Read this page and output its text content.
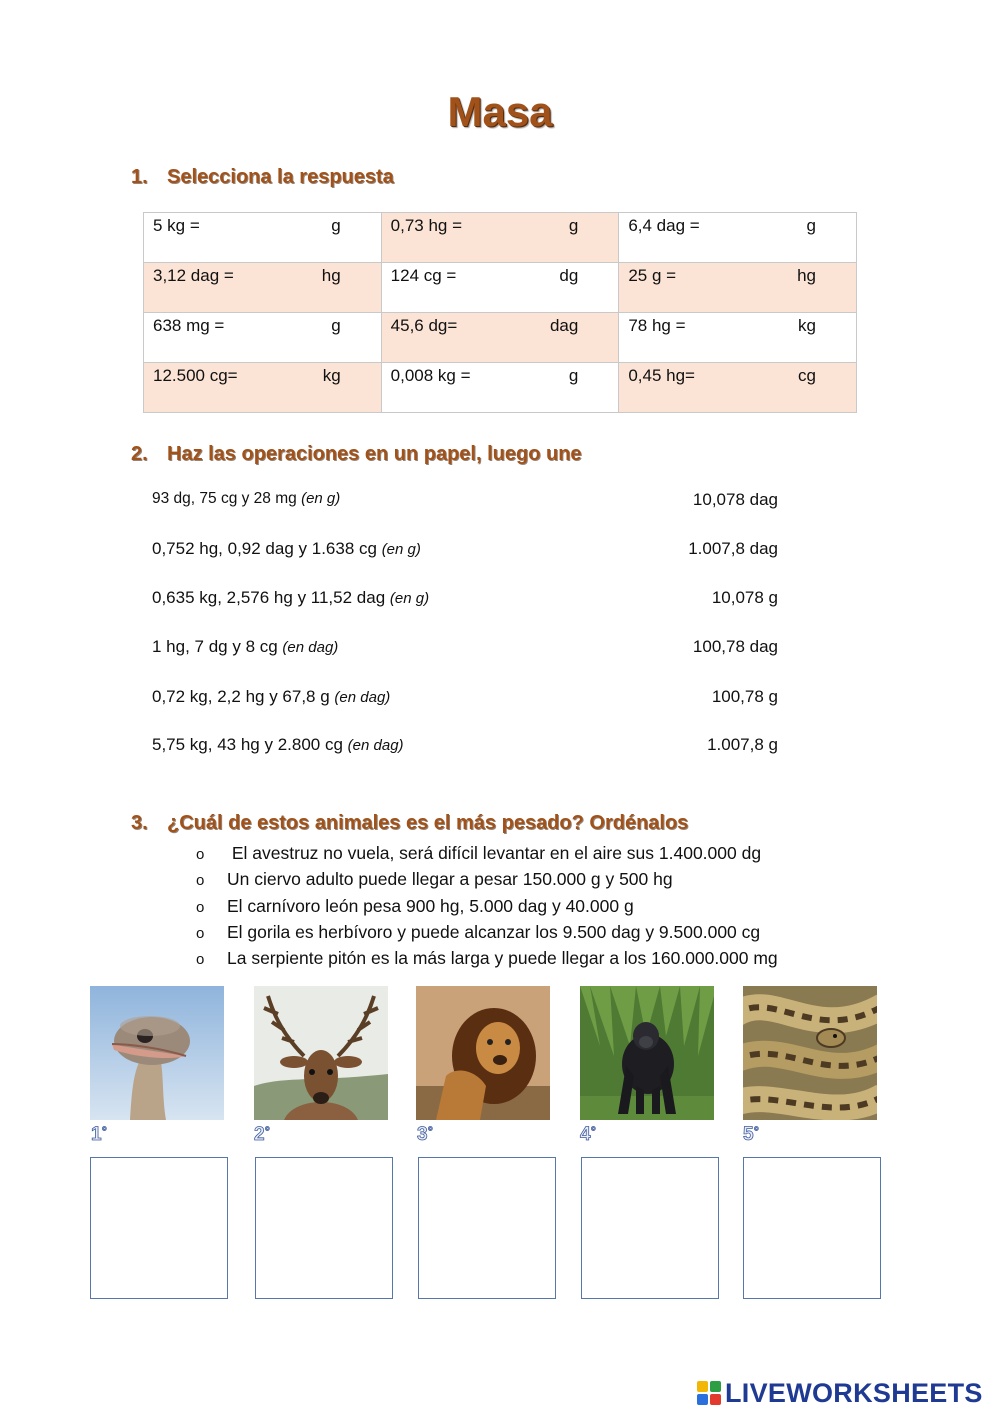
Masa
1. Selecciona la respuesta
5 kg = g	0,73 hg = g	6,4 dag = g

3,12 dag = hg	124 cg = dg	25 g = hg

638 mg = g	45,6 dg= dag	78 hg = kg

12.500 cg= kg	0,008 kg = g	0,45 hg= cg
2. Haz las operaciones en un papel, luego une
93 dg, 75 cg y 28 mg (en g)	10,078 dag
0,752 hg, 0,92 dag y 1.638 cg (en g)	1.007,8 dag
0,635 kg, 2,576 hg y 11,52 dag (en g)	10,078 g
1 hg, 7 dg y 8 cg (en dag)	100,78 dag
0,72 kg, 2,2 hg y 67,8 g (en dag)	100,78 g
5,75 kg, 43 hg y 2.800 cg (en dag)	1.007,8 g
3. ¿Cuál de estos animales es el más pesado? Ordénalos
o El avestruz no vuela, será difícil levantar en el aire sus 1.400.000 dg
o Un ciervo adulto puede llegar a pesar 150.000 g y 500 hg
o El carnívoro león pesa 900 hg, 5.000 dag y 40.000 g
o El gorila es herbívoro y puede alcanzar los 9.500 dag y 9.500.000 cg
o La serpiente pitón es la más larga y puede llegar a los 160.000.000 mg
$1^º$	$2^º$	$3^º$	$4^º$	$5^º$
LIVEWORKSHEETS
